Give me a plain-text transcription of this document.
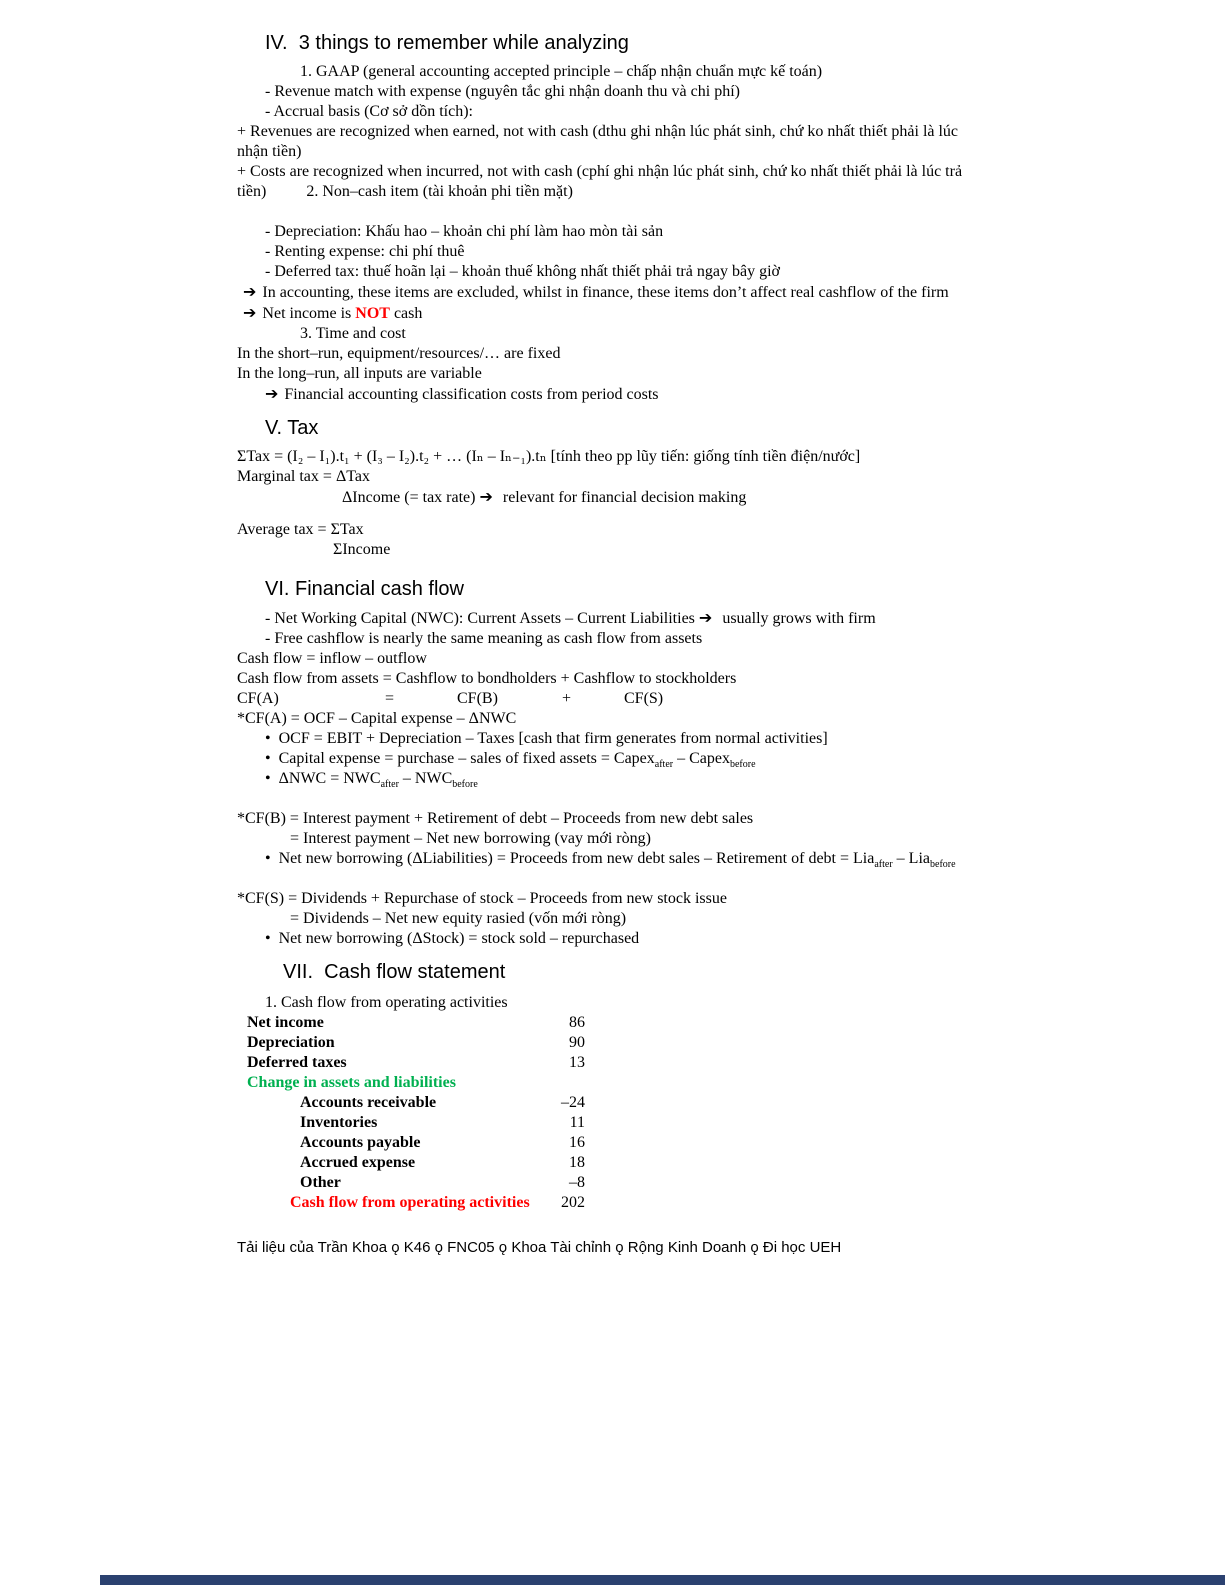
IV.  3 things to remember while analyzing
1. GAAP (general accounting accepted principle – chấp nhận chuẩn mực kế toán)
- Revenue match with expense (nguyên tắc ghi nhận doanh thu và chi phí)
- Accrual basis (Cơ sở dồn tích):
+ Revenues are recognized when earned, not with cash (dthu ghi nhận lúc phát sinh, chứ ko nhất thiết phải là lúc
nhận tiền)
+ Costs are recognized when incurred, not with cash (cphí ghi nhận lúc phát sinh, chứ ko nhất thiết phải là lúc trả
tiền)          2. Non–cash item (tài khoản phi tiền mặt)
- Depreciation: Khấu hao – khoản chi phí làm hao mòn tài sản
- Renting expense: chi phí thuê
- Deferred tax: thuế hoãn lại – khoản thuế không nhất thiết phải trả ngay bây giờ
➔ In accounting, these items are excluded, whilst in finance, these items don’t affect real cashflow of the firm
➔ Net income is NOT cash
3. Time and cost
In the short–run, equipment/resources/… are fixed
In the long–run, all inputs are variable
➔ Financial accounting classification costs from period costs
V. Tax
ΣTax = (I₂ – I₁).t₁ + (I₃ – I₂).t₂ + … (Iₙ – Iₙ₋₁).tₙ [tính theo pp lũy tiến: giống tính tiền điện/nước]
Marginal tax = ΔTax
ΔIncome (= tax rate) ➔ relevant for financial decision making
Average tax = ΣTax
ΣIncome
VI. Financial cash flow
- Net Working Capital (NWC): Current Assets – Current Liabilities ➔ usually grows with firm
- Free cashflow is nearly the same meaning as cash flow from assets
Cash flow = inflow – outflow
Cash flow from assets = Cashflow to bondholders + Cashflow to stockholders
CF(A)	=	CF(B)	+	CF(S)
*CF(A) = OCF – Capital expense – ΔNWC
• OCF = EBIT + Depreciation – Taxes [cash that firm generates from normal activities]
• Capital expense = purchase – sales of fixed assets = Capex$_{after}$ – Capex$_{before}$
• $\Delta NWC = NWC_{after} - NWC_{before}$
*CF(B) = Interest payment + Retirement of debt – Proceeds from new debt sales
= Interest payment – Net new borrowing (vay mới ròng)
• Net new borrowing (ΔLiabilities) = Proceeds from new debt sales – Retirement of debt = Lia$_{after}$ – Lia$_{before}$
*CF(S) = Dividends + Repurchase of stock – Proceeds from new stock issue
= Dividends – Net new equity rasied (vốn mới ròng)
• Net new borrowing (ΔStock) = stock sold – repurchased
VII.  Cash flow statement
1. Cash flow from operating activities
Net income	86
Depreciation	90
Deferred taxes	13
Change in assets and liabilities
Accounts receivable	–24
Inventories	11
Accounts payable	16
Accrued expense	18
Other	–8
Cash flow from operating activities	202
Tải liệu của Trần Khoa ǫ K46 ǫ FNC05 ǫ Khoa Tài chỉnh ǫ Rộng Kinh Doanh ǫ Đi học UEH
